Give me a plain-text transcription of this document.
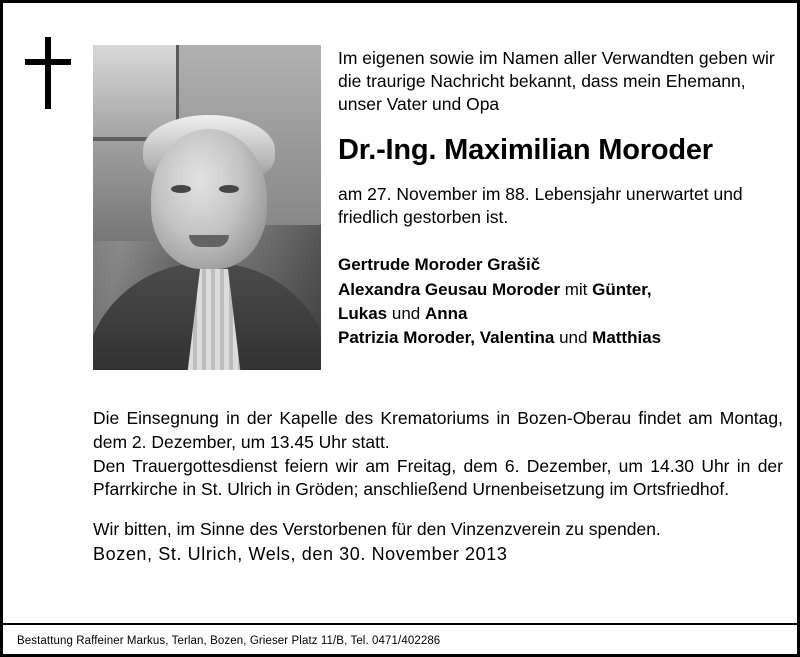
Im eigenen sowie im Namen aller Verwandten geben wir die traurige Nachricht bekannt, dass mein Ehemann, unser Vater und Opa
Dr.-Ing. Maximilian Moroder
am 27. November im 88. Lebensjahr unerwartet und friedlich gestorben ist.
Gertrude Moroder Grašič
Alexandra Geusau Moroder mit Günter,
Lukas und Anna
Patrizia Moroder, Valentina und Matthias

Die Einsegnung in der Kapelle des Krematoriums in Bozen-Oberau findet am Montag, dem 2. Dezember, um 13.45 Uhr statt.

Den Trauergottesdienst feiern wir am Freitag, dem 6. Dezember, um 14.30 Uhr in der Pfarrkirche in St. Ulrich in Gröden; anschließend Urnenbeisetzung im Ortsfriedhof.

Wir bitten, im Sinne des Verstorbenen für den Vinzenzverein zu spenden.

Bozen, St. Ulrich, Wels, den 30. November 2013

Bestattung Raffeiner Markus, Terlan, Bozen, Grieser Platz 11/B, Tel. 0471/402286
